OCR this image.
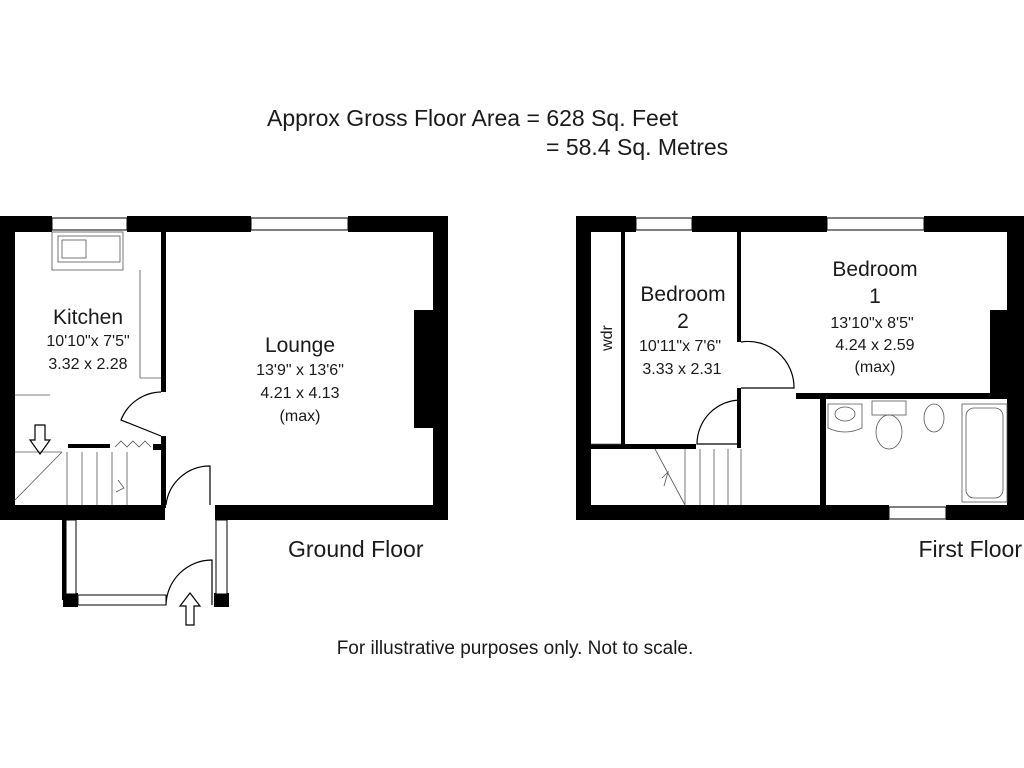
Approx Gross Floor Area = 628 Sq. Feet
= 58.4 Sq. Metres
Kitchen
10'10"x 7'5"
3.32 x 2.28
Lounge
13'9" x 13'6"
4.21 x 4.13
(max)
Ground Floor
wdr
Bedroom
2
10'11"x 7'6"
3.33 x 2.31
Bedroom
1
13'10"x 8'5"
4.24 x 2.59
(max)
First Floor
For illustrative purposes only. Not to scale.
